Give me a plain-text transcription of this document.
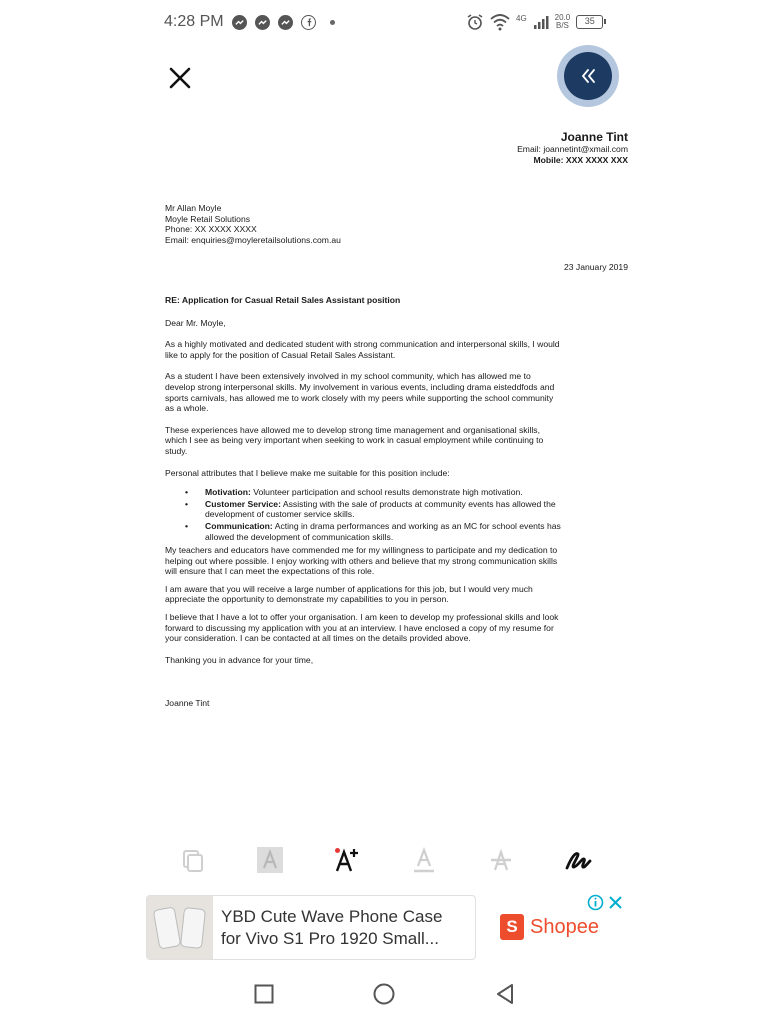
4:28 PM	4G	20.0
B/S	35
Joanne Tint
Email: joannetint@xmail.com
Mobile: XXX XXXX XXX
Mr Allan Moyle
Moyle Retail Solutions
Phone: XX XXXX XXXX
Email: enquiries@moyleretailsolutions.com.au
23 January 2019
RE: Application for Casual Retail Sales Assistant position
Dear Mr. Moyle,
As a highly motivated and dedicated student with strong communication and interpersonal skills, I would
like to apply for the position of Casual Retail Sales Assistant.
As a student I have been extensively involved in my school community, which has allowed me to
develop strong interpersonal skills. My involvement in various events, including drama eisteddfods and
sports carnivals, has allowed me to work closely with my peers while supporting the school community
as a whole.
These experiences have allowed me to develop strong time management and organisational skills,
which I see as being very important when seeking to work in casual employment while continuing to
study.
Personal attributes that I believe make me suitable for this position include:
•	Motivation: Volunteer participation and school results demonstrate high motivation.
•	Customer Service: Assisting with the sale of products at community events has allowed the
development of customer service skills.
•	Communication: Acting in drama performances and working as an MC for school events has
allowed the development of communication skills.
My teachers and educators have commended me for my willingness to participate and my dedication to
helping out where possible. I enjoy working with others and believe that my strong communication skills
will ensure that I can meet the expectations of this role.
I am aware that you will receive a large number of applications for this job, but I would very much
appreciate the opportunity to demonstrate my capabilities to you in person.
I believe that I have a lot to offer your organisation. I am keen to develop my professional skills and look
forward to discussing my application with you at an interview. I have enclosed a copy of my resume for
your consideration. I can be contacted at all times on the details provided above.
Thanking you in advance for your time,
Joanne Tint
YBD Cute Wave Phone Case
for Vivo S1 Pro 1920 Small...
S Shopee
